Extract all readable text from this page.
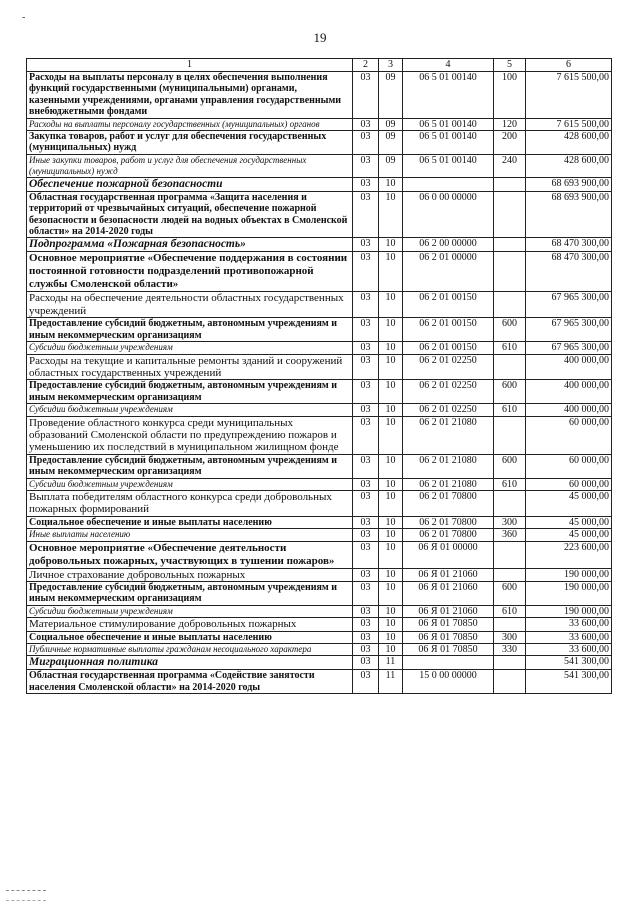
19
-
1	2	3	4	5	6
Расходы на выплаты персоналу в целях обеспечения выполнения функций государственными (муниципальными) органами, казенными учреждениями, органами управления государственными внебюджетными фондами	03	09	06 5 01 00140	100	7 615 500,00
Расходы на выплаты персоналу государственных (муниципальных) органов	03	09	06 5 01 00140	120	7 615 500,00
Закупка товаров, работ и услуг для обеспечения государственных (муниципальных) нужд	03	09	06 5 01 00140	200	428 600,00
Иные закупки товаров, работ и услуг для обеспечения государственных (муниципальных) нужд	03	09	06 5 01 00140	240	428 600,00
Обеспечение пожарной безопасности	03	10			68 693 900,00
Областная государственная программа «Защита населения и территорий от чрезвычайных ситуаций, обеспечение пожарной безопасности и безопасности людей на водных объектах в Смоленской области» на 2014-2020 годы	03	10	06 0 00 00000		68 693 900,00
Подпрограмма «Пожарная безопасность»	03	10	06 2 00 00000		68 470 300,00
Основное мероприятие «Обеспечение поддержания в состоянии постоянной готовности подразделений противопожарной службы Смоленской области»	03	10	06 2 01 00000		68 470 300,00
Расходы на обеспечение деятельности областных государственных учреждений	03	10	06 2 01 00150		67 965 300,00
Предоставление субсидий бюджетным, автономным учреждениям и иным некоммерческим организациям	03	10	06 2 01 00150	600	67 965 300,00
Субсидии бюджетным учреждениям	03	10	06 2 01 00150	610	67 965 300,00
Расходы на текущие и капитальные ремонты зданий и сооружений областных государственных учреждений	03	10	06 2 01 02250		400 000,00
Предоставление субсидий бюджетным, автономным учреждениям и иным некоммерческим организациям	03	10	06 2 01 02250	600	400 000,00
Субсидии бюджетным учреждениям	03	10	06 2 01 02250	610	400 000,00
Проведение областного конкурса среди муниципальных образований Смоленской области по предупреждению пожаров и уменьшению их последствий в муниципальном жилищном фонде	03	10	06 2 01 21080		60 000,00
Предоставление субсидий бюджетным, автономным учреждениям и иным некоммерческим организациям	03	10	06 2 01 21080	600	60 000,00
Субсидии бюджетным учреждениям	03	10	06 2 01 21080	610	60 000,00
Выплата победителям областного конкурса среди добровольных пожарных формирований	03	10	06 2 01 70800		45 000,00
Социальное обеспечение и иные выплаты населению	03	10	06 2 01 70800	300	45 000,00
Иные выплаты населению	03	10	06 2 01 70800	360	45 000,00
Основное мероприятие «Обеспечение деятельности добровольных пожарных, участвующих в тушении пожаров»	03	10	06 Я 01 00000		223 600,00
Личное страхование добровольных пожарных	03	10	06 Я 01 21060		190 000,00
Предоставление субсидий бюджетным, автономным учреждениям и иным некоммерческим организациям	03	10	06 Я 01 21060	600	190 000,00
Субсидии бюджетным учреждениям	03	10	06 Я 01 21060	610	190 000,00
Материальное стимулирование добровольных пожарных	03	10	06 Я 01 70850		33 600,00
Социальное обеспечение и иные выплаты населению	03	10	06 Я 01 70850	300	33 600,00
Публичные нормативные выплаты гражданам несоциального характера	03	10	06 Я 01 70850	330	33 600,00
Миграционная политика	03	11			541 300,00
Областная государственная программа «Содействие занятости населения Смоленской области» на 2014-2020 годы	03	11	15 0 00 00000		541 300,00
